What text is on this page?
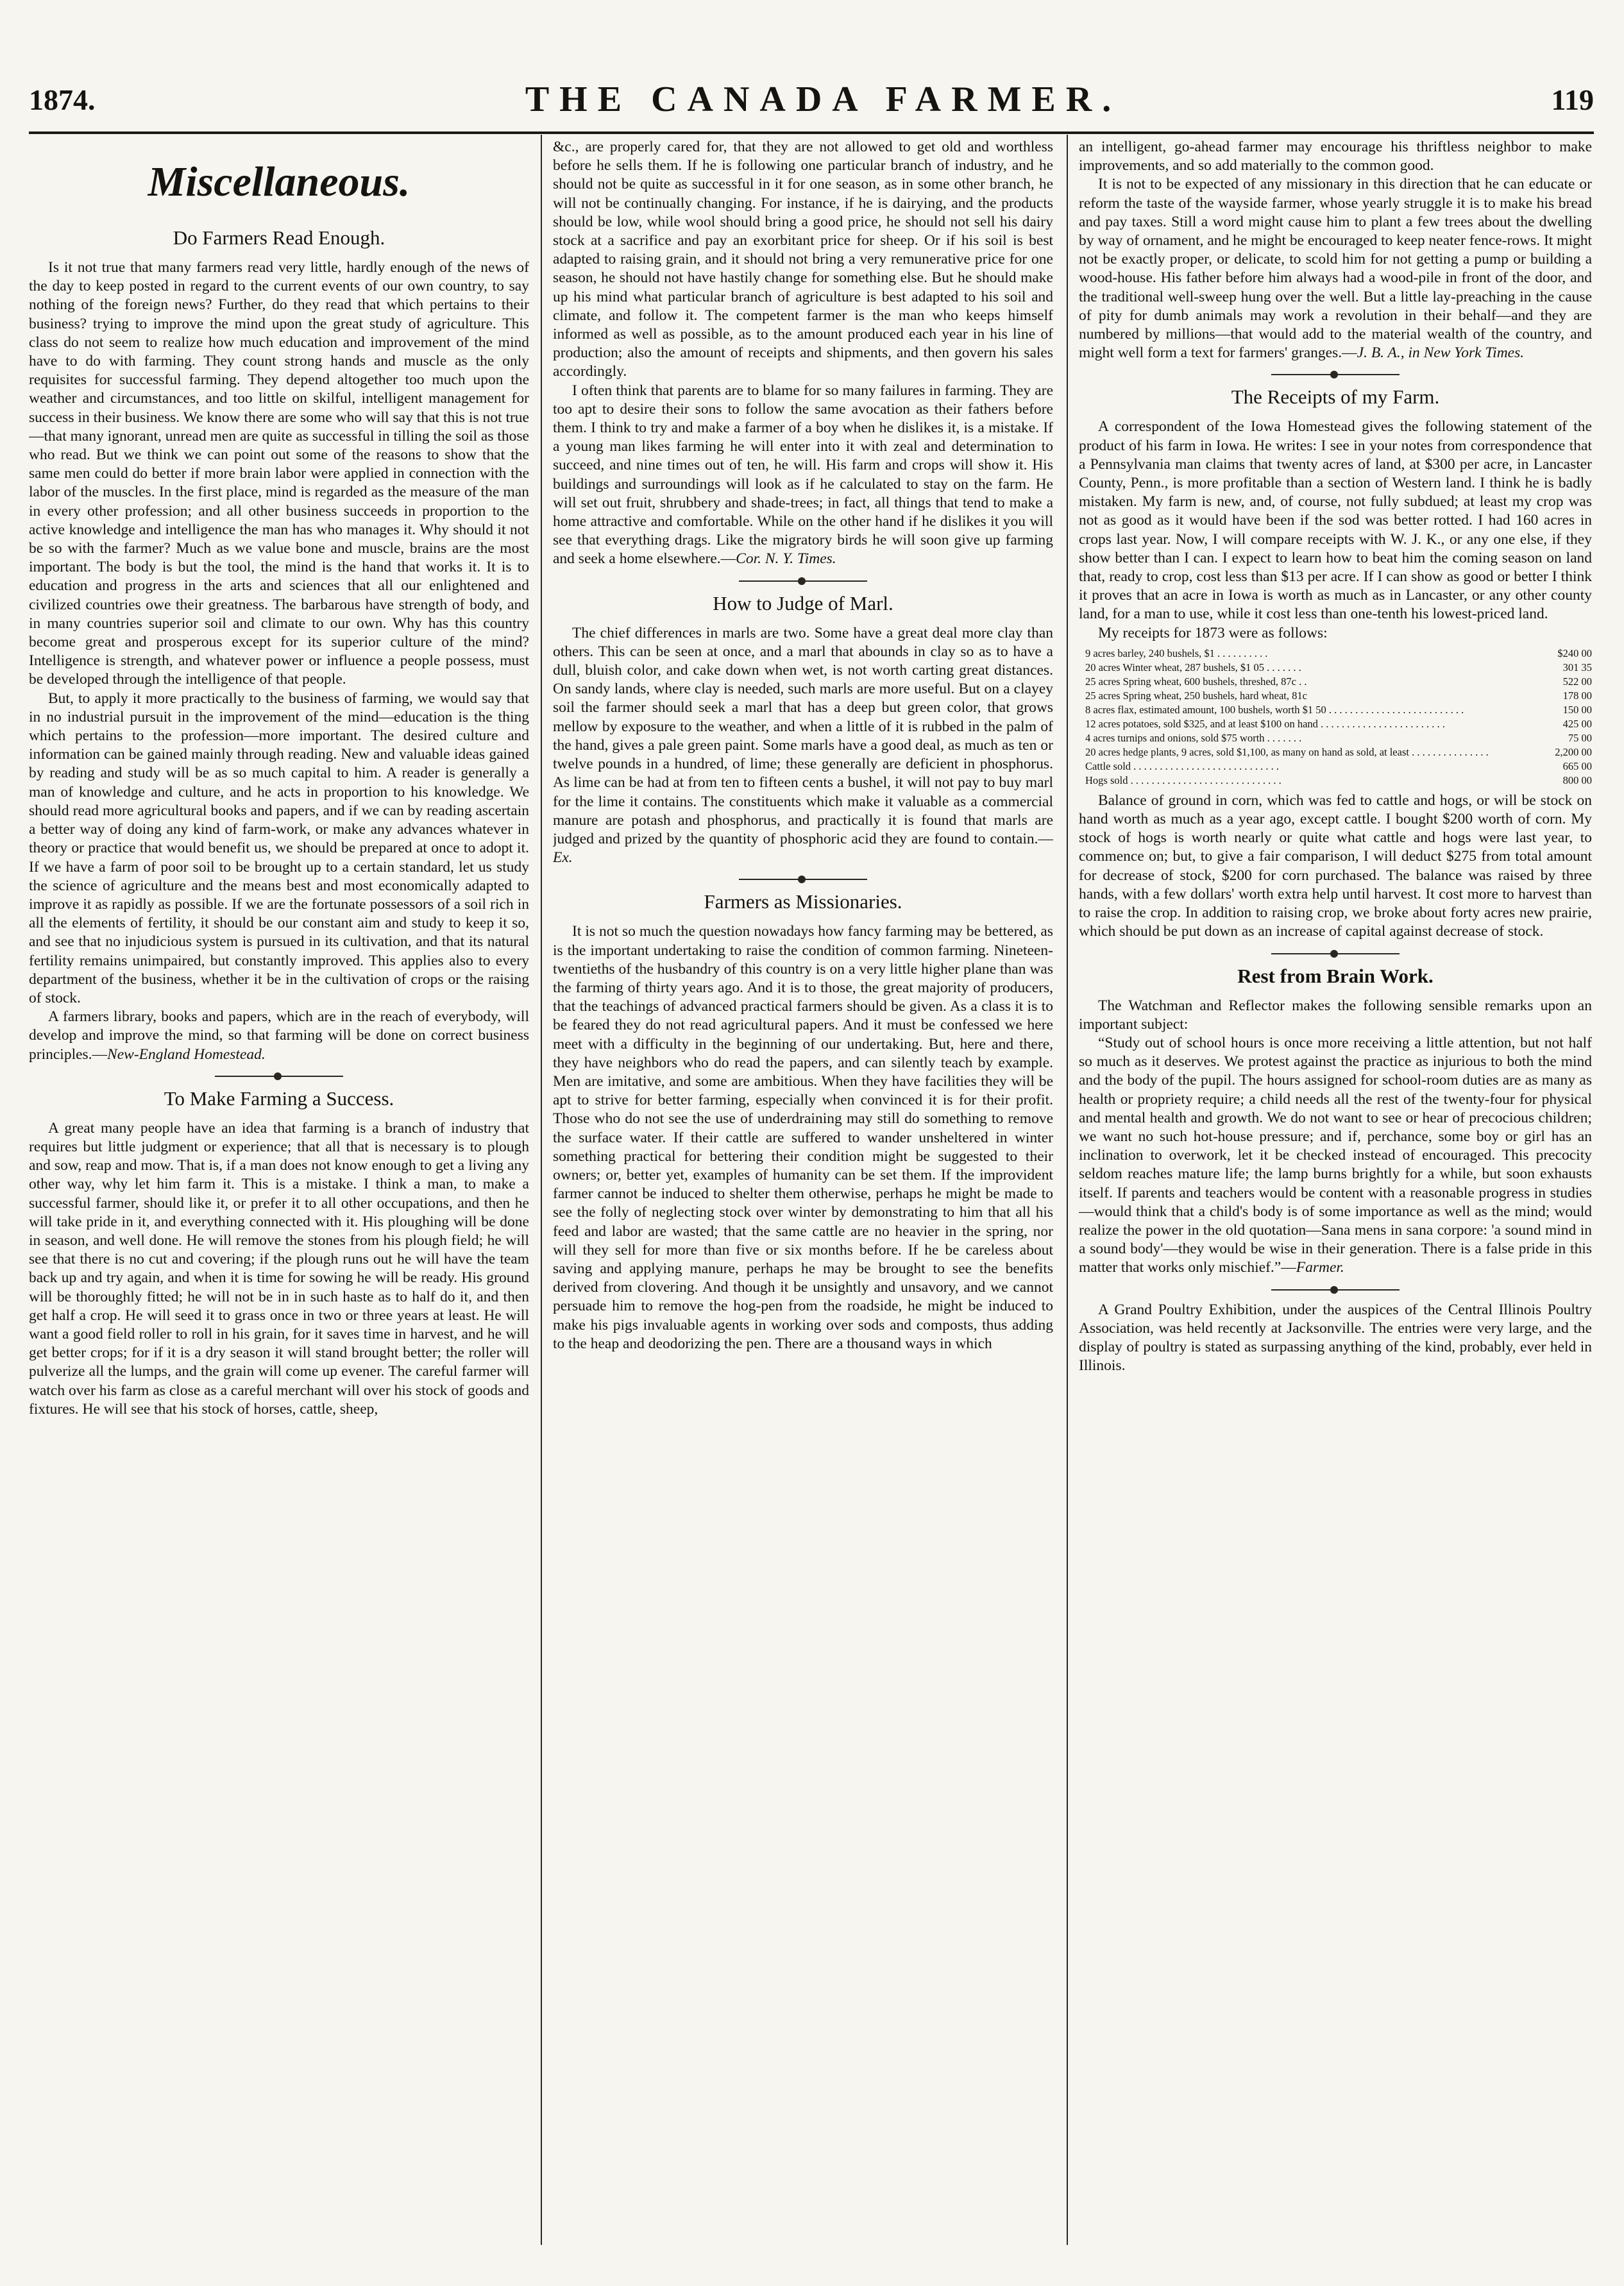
1874.	THE CANADA FARMER.	119
Miscellaneous.
Do Farmers Read Enough.

Is it not true that many farmers read very little, hardly enough of the news of the day to keep posted in regard to the current events of our own country, to say nothing of the foreign news? Further, do they read that which pertains to their business? trying to improve the mind upon the great study of agriculture. This class do not seem to realize how much education and improvement of the mind have to do with farming. They count strong hands and muscle as the only requisites for successful farming. They depend altogether too much upon the weather and circumstances, and too little on skilful, intelligent management for success in their business. We know there are some who will say that this is not true—that many ignorant, unread men are quite as successful in tilling the soil as those who read. But we think we can point out some of the reasons to show that the same men could do better if more brain labor were applied in connection with the labor of the muscles. In the first place, mind is regarded as the measure of the man in every other profession; and all other business succeeds in proportion to the active knowledge and intelligence the man has who manages it. Why should it not be so with the farmer? Much as we value bone and muscle, brains are the most important. The body is but the tool, the mind is the hand that works it. It is to education and progress in the arts and sciences that all our enlightened and civilized countries owe their greatness. The barbarous have strength of body, and in many countries superior soil and climate to our own. Why has this country become great and prosperous except for its superior culture of the mind? Intelligence is strength, and whatever power or influence a people possess, must be developed through the intelligence of that people.

But, to apply it more practically to the business of farming, we would say that in no industrial pursuit in the improvement of the mind—education is the thing which pertains to the profession—more important. The desired culture and information can be gained mainly through reading. New and valuable ideas gained by reading and study will be as so much capital to him. A reader is generally a man of knowledge and culture, and he acts in proportion to his knowledge. We should read more agricultural books and papers, and if we can by reading ascertain a better way of doing any kind of farm-work, or make any advances whatever in theory or practice that would benefit us, we should be prepared at once to adopt it. If we have a farm of poor soil to be brought up to a certain standard, let us study the science of agriculture and the means best and most economically adapted to improve it as rapidly as possible. If we are the fortunate possessors of a soil rich in all the elements of fertility, it should be our constant aim and study to keep it so, and see that no injudicious system is pursued in its cultivation, and that its natural fertility remains unimpaired, but constantly improved. This applies also to every department of the business, whether it be in the cultivation of crops or the raising of stock.

A farmers library, books and papers, which are in the reach of everybody, will develop and improve the mind, so that farming will be done on correct business principles.—New-England Homestead.

To Make Farming a Success.

A great many people have an idea that farming is a branch of industry that requires but little judgment or experience; that all that is necessary is to plough and sow, reap and mow. That is, if a man does not know enough to get a living any other way, why let him farm it. This is a mistake. I think a man, to make a successful farmer, should like it, or prefer it to all other occupations, and then he will take pride in it, and everything connected with it. His ploughing will be done in season, and well done. He will remove the stones from his plough field; he will see that there is no cut and covering; if the plough runs out he will have the team back up and try again, and when it is time for sowing he will be ready. His ground will be thoroughly fitted; he will not be in in such haste as to half do it, and then get half a crop. He will seed it to grass once in two or three years at least. He will want a good field roller to roll in his grain, for it saves time in harvest, and he will get better crops; for if it is a dry season it will stand brought better; the roller will pulverize all the lumps, and the grain will come up evener. The careful farmer will watch over his farm as close as a careful merchant will over his stock of goods and fixtures. He will see that his stock of horses, cattle, sheep,

&c., are properly cared for, that they are not allowed to get old and worthless before he sells them. If he is following one particular branch of industry, and he should not be quite as successful in it for one season, as in some other branch, he will not be continually changing. For instance, if he is dairying, and the products should be low, while wool should bring a good price, he should not sell his dairy stock at a sacrifice and pay an exorbitant price for sheep. Or if his soil is best adapted to raising grain, and it should not bring a very remunerative price for one season, he should not have hastily change for something else. But he should make up his mind what particular branch of agriculture is best adapted to his soil and climate, and follow it. The competent farmer is the man who keeps himself informed as well as possible, as to the amount produced each year in his line of production; also the amount of receipts and shipments, and then govern his sales accordingly.

I often think that parents are to blame for so many failures in farming. They are too apt to desire their sons to follow the same avocation as their fathers before them. I think to try and make a farmer of a boy when he dislikes it, is a mistake. If a young man likes farming he will enter into it with zeal and determination to succeed, and nine times out of ten, he will. His farm and crops will show it. His buildings and surroundings will look as if he calculated to stay on the farm. He will set out fruit, shrubbery and shade-trees; in fact, all things that tend to make a home attractive and comfortable. While on the other hand if he dislikes it you will see that everything drags. Like the migratory birds he will soon give up farming and seek a home elsewhere.—Cor. N. Y. Times.

How to Judge of Marl.

The chief differences in marls are two. Some have a great deal more clay than others. This can be seen at once, and a marl that abounds in clay so as to have a dull, bluish color, and cake down when wet, is not worth carting great distances. On sandy lands, where clay is needed, such marls are more useful. But on a clayey soil the farmer should seek a marl that has a deep but green color, that grows mellow by exposure to the weather, and when a little of it is rubbed in the palm of the hand, gives a pale green paint. Some marls have a good deal, as much as ten or twelve pounds in a hundred, of lime; these generally are deficient in phosphorus. As lime can be had at from ten to fifteen cents a bushel, it will not pay to buy marl for the lime it contains. The constituents which make it valuable as a commercial manure are potash and phosphorus, and practically it is found that marls are judged and prized by the quantity of phosphoric acid they are found to contain.—Ex.

Farmers as Missionaries.

It is not so much the question nowadays how fancy farming may be bettered, as is the important undertaking to raise the condition of common farming. Nineteen-twentieths of the husbandry of this country is on a very little higher plane than was the farming of thirty years ago. And it is to those, the great majority of producers, that the teachings of advanced practical farmers should be given. As a class it is to be feared they do not read agricultural papers. And it must be confessed we here meet with a difficulty in the beginning of our undertaking. But, here and there, they have neighbors who do read the papers, and can silently teach by example. Men are imitative, and some are ambitious. When they have facilities they will be apt to strive for better farming, especially when convinced it is for their profit. Those who do not see the use of underdraining may still do something to remove the surface water. If their cattle are suffered to wander unsheltered in winter something practical for bettering their condition might be suggested to their owners; or, better yet, examples of humanity can be set them. If the improvident farmer cannot be induced to shelter them otherwise, perhaps he might be made to see the folly of neglecting stock over winter by demonstrating to him that all his feed and labor are wasted; that the same cattle are no heavier in the spring, nor will they sell for more than five or six months before. If he be careless about saving and applying manure, perhaps he may be brought to see the benefits derived from clovering. And though it be unsightly and unsavory, and we cannot persuade him to remove the hog-pen from the roadside, he might be induced to make his pigs invaluable agents in working over sods and composts, thus adding to the heap and deodorizing the pen. There are a thousand ways in which

an intelligent, go-ahead farmer may encourage his thriftless neighbor to make improvements, and so add materially to the common good.

It is not to be expected of any missionary in this direction that he can educate or reform the taste of the wayside farmer, whose yearly struggle it is to make his bread and pay taxes. Still a word might cause him to plant a few trees about the dwelling by way of ornament, and he might be encouraged to keep neater fence-rows. It might not be exactly proper, or delicate, to scold him for not getting a pump or building a wood-house. His father before him always had a wood-pile in front of the door, and the traditional well-sweep hung over the well. But a little lay-preaching in the cause of pity for dumb animals may work a revolution in their behalf—and they are numbered by millions—that would add to the material wealth of the country, and might well form a text for farmers' granges.—J. B. A., in New York Times.

The Receipts of my Farm.

A correspondent of the Iowa Homestead gives the following statement of the product of his farm in Iowa. He writes: I see in your notes from correspondence that a Pennsylvania man claims that twenty acres of land, at $300 per acre, in Lancaster County, Penn., is more profitable than a section of Western land. I think he is badly mistaken. My farm is new, and, of course, not fully subdued; at least my crop was not as good as it would have been if the sod was better rotted. I had 160 acres in crops last year. Now, I will compare receipts with W. J. K., or any one else, if they show better than I can. I expect to learn how to beat him the coming season on land that, ready to crop, cost less than $13 per acre. If I can show as good or better I think it proves that an acre in Iowa is worth as much as in Lancaster, or any other county land, for a man to use, while it cost less than one-tenth his lowest-priced land.

My receipts for 1873 were as follows:

9 acres barley, 240 bushels, $1 . . . . . . . . . .	$240 00
20 acres Winter wheat, 287 bushels, $1 05 . . . . . . .	301 35
25 acres Spring wheat, 600 bushels, threshed, 87c . .	522 00
25 acres Spring wheat, 250 bushels, hard wheat, 81c	178 00
8 acres flax, estimated amount, 100 bushels, worth $1 50 . . . . . . . . . . . . . . . . . . . . . . . . . .	150 00
12 acres potatoes, sold $325, and at least $100 on hand . . . . . . . . . . . . . . . . . . . . . . . .	425 00
4 acres turnips and onions, sold $75 worth . . . . . . .	75 00
20 acres hedge plants, 9 acres, sold $1,100, as many on hand as sold, at least . . . . . . . . . . . . . . .	2,200 00
Cattle sold . . . . . . . . . . . . . . . . . . . . . . . . . . . .	665 00
Hogs sold . . . . . . . . . . . . . . . . . . . . . . . . . . . . .	800 00

Balance of ground in corn, which was fed to cattle and hogs, or will be stock on hand worth as much as a year ago, except cattle. I bought $200 worth of corn. My stock of hogs is worth nearly or quite what cattle and hogs were last year, to commence on; but, to give a fair comparison, I will deduct $275 from total amount for decrease of stock, $200 for corn purchased. The balance was raised by three hands, with a few dollars' worth extra help until harvest. It cost more to harvest than to raise the crop. In addition to raising crop, we broke about forty acres new prairie, which should be put down as an increase of capital against decrease of stock.

Rest from Brain Work.

The Watchman and Reflector makes the following sensible remarks upon an important subject:

“Study out of school hours is once more receiving a little attention, but not half so much as it deserves. We protest against the practice as injurious to both the mind and the body of the pupil. The hours assigned for school-room duties are as many as health or propriety require; a child needs all the rest of the twenty-four for physical and mental health and growth. We do not want to see or hear of precocious children; we want no such hot-house pressure; and if, perchance, some boy or girl has an inclination to overwork, let it be checked instead of encouraged. This precocity seldom reaches mature life; the lamp burns brightly for a while, but soon exhausts itself. If parents and teachers would be content with a reasonable progress in studies—would think that a child's body is of some importance as well as the mind; would realize the power in the old quotation—Sana mens in sana corpore: 'a sound mind in a sound body'—they would be wise in their generation. There is a false pride in this matter that works only mischief.”—Farmer.

A Grand Poultry Exhibition, under the auspices of the Central Illinois Poultry Association, was held recently at Jacksonville. The entries were very large, and the display of poultry is stated as surpassing anything of the kind, probably, ever held in Illinois.
